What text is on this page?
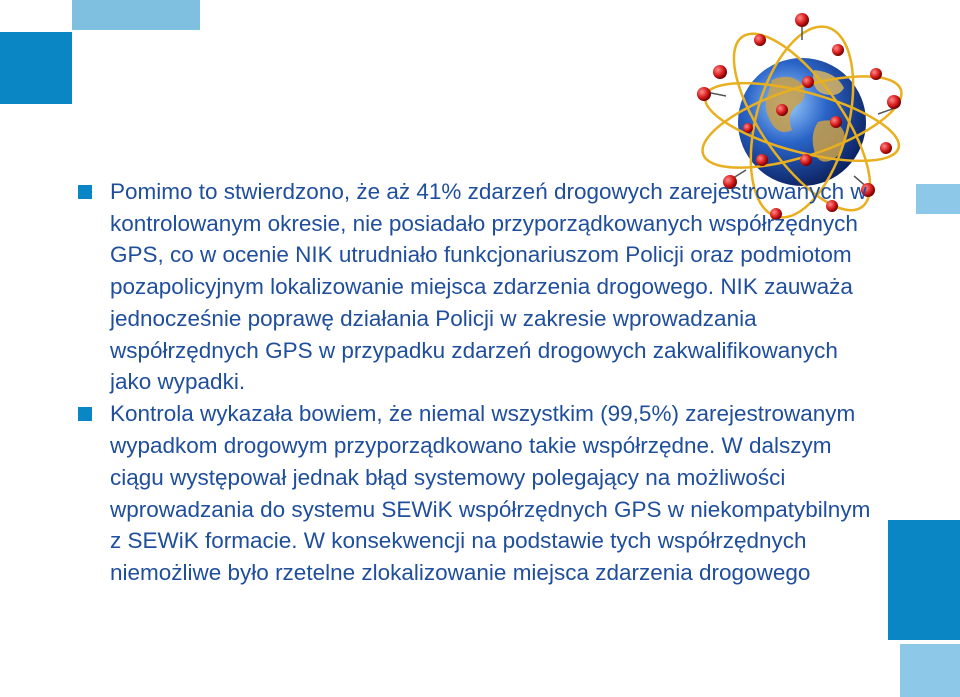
Pomimo to stwierdzono, że aż 41% zdarzeń drogowych zarejestrowanych w kontrolowanym okresie, nie posiadało przyporządkowanych współrzędnych GPS, co w ocenie NIK utrudniało funkcjonariuszom Policji oraz podmiotom pozapolicyjnym lokalizowanie miejsca zdarzenia drogowego. NIK zauważa jednocześnie poprawę działania Policji w zakresie wprowadzania współrzędnych GPS w przypadku zdarzeń drogowych zakwalifikowanych jako wypadki.

Kontrola wykazała bowiem, że niemal wszystkim (99,5%) zarejestrowanym wypadkom drogowym przyporządkowano takie współrzędne. W dalszym ciągu występował jednak błąd systemowy polegający na możliwości wprowadzania do systemu SEWiK współrzędnych GPS w niekompatybilnym z SEWiK formacie. W konsekwencji na podstawie tych współrzędnych niemożliwe było rzetelne zlokalizowanie miejsca zdarzenia drogowego
